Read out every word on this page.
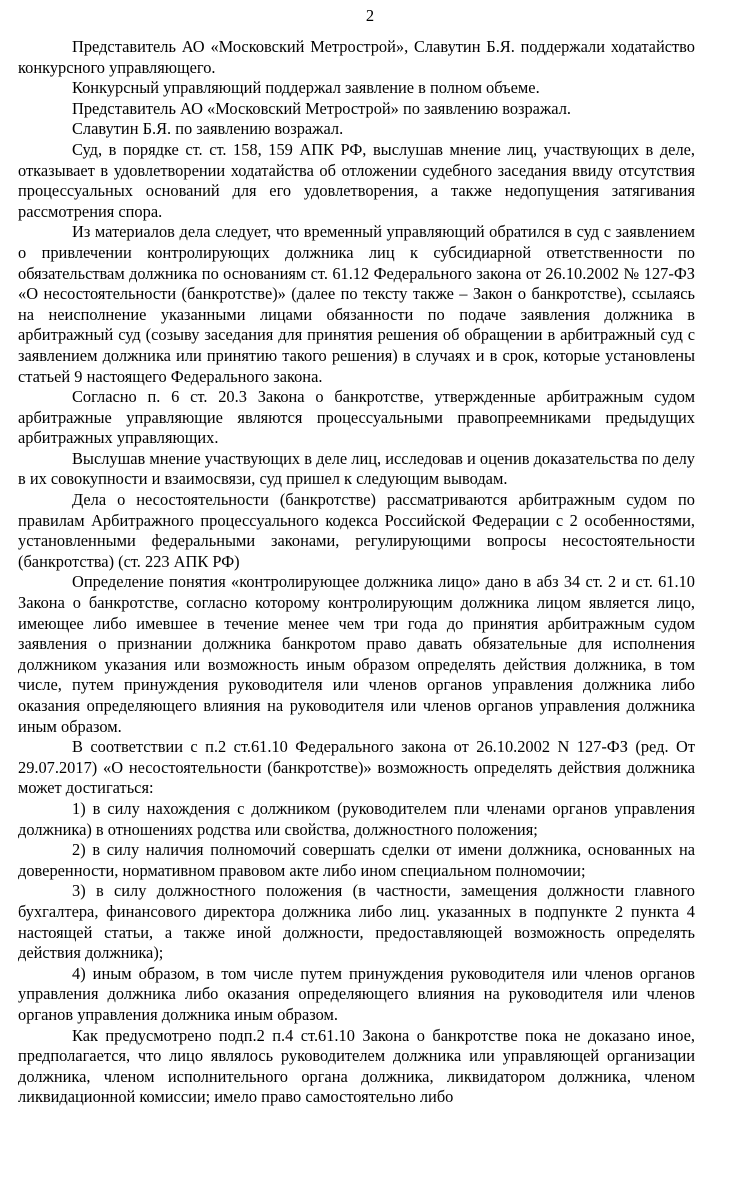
2

Представитель АО «Московский Метрострой», Славутин Б.Я. поддержали ходатайство конкурсного управляющего.

Конкурсный управляющий поддержал заявление в полном объеме.

Представитель АО «Московский Метрострой» по заявлению возражал.

Славутин Б.Я. по заявлению возражал.

Суд, в порядке ст. ст. 158, 159 АПК РФ, выслушав мнение лиц, участвующих в деле, отказывает в удовлетворении ходатайства об отложении судебного заседания ввиду отсутствия процессуальных оснований для его удовлетворения, а также недопущения затягивания рассмотрения спора.

Из материалов дела следует, что временный управляющий обратился в суд с заявлением о привлечении контролирующих должника лиц к субсидиарной ответственности по обязательствам должника по основаниям ст. 61.12 Федерального закона от 26.10.2002 № 127-ФЗ «О несостоятельности (банкротстве)» (далее по тексту также – Закон о банкротстве), ссылаясь на неисполнение указанными лицами обязанности по подаче заявления должника в арбитражный суд (созыву заседания для принятия решения об обращении в арбитражный суд с заявлением должника или принятию такого решения) в случаях и в срок, которые установлены статьей 9 настоящего Федерального закона.

Согласно п. 6 ст. 20.3 Закона о банкротстве, утвержденные арбитражным судом арбитражные управляющие являются процессуальными правопреемниками предыдущих арбитражных управляющих.

Выслушав мнение участвующих в деле лиц, исследовав и оценив доказательства по делу в их совокупности и взаимосвязи, суд пришел к следующим выводам.

Дела о несостоятельности (банкротстве) рассматриваются арбитражным судом по правилам Арбитражного процессуального кодекса Российской Федерации с 2 особенностями, установленными федеральными законами, регулирующими вопросы несостоятельности (банкротства) (ст. 223 АПК РФ)

Определение понятия «контролирующее должника лицо» дано в абз 34 ст. 2 и ст. 61.10 Закона о банкротстве, согласно которому контролирующим должника лицом является лицо, имеющее либо имевшее в течение менее чем три года до принятия арбитражным судом заявления о признании должника банкротом право давать обязательные для исполнения должником указания или возможность иным образом определять действия должника, в том числе, путем принуждения руководителя или членов органов управления должника либо оказания определяющего влияния на руководителя или членов органов управления должника иным образом.

В соответствии с п.2 ст.61.10 Федерального закона от 26.10.2002 N 127-ФЗ (ред. От 29.07.2017) «О несостоятельности (банкротстве)» возможность определять действия должника может достигаться:

1) в силу нахождения с должником (руководителем пли членами органов управления должника) в отношениях родства или свойства, должностного положения;

2) в силу наличия полномочий совершать сделки от имени должника, основанных на доверенности, нормативном правовом акте либо ином специальном полномочии;

3) в силу должностного положения (в частности, замещения должности главного бухгалтера, финансового директора должника либо лиц. указанных в подпункте 2 пункта 4 настоящей статьи, а также иной должности, предоставляющей возможность определять действия должника);

4) иным образом, в том числе путем принуждения руководителя или членов органов управления должника либо оказания определяющего влияния на руководителя или членов органов управления должника иным образом.

Как предусмотрено подп.2 п.4 ст.61.10 Закона о банкротстве пока не доказано иное, предполагается, что лицо являлось руководителем должника или управляющей организации должника, членом исполнительного органа должника, ликвидатором должника, членом ликвидационной комиссии; имело право самостоятельно либо
